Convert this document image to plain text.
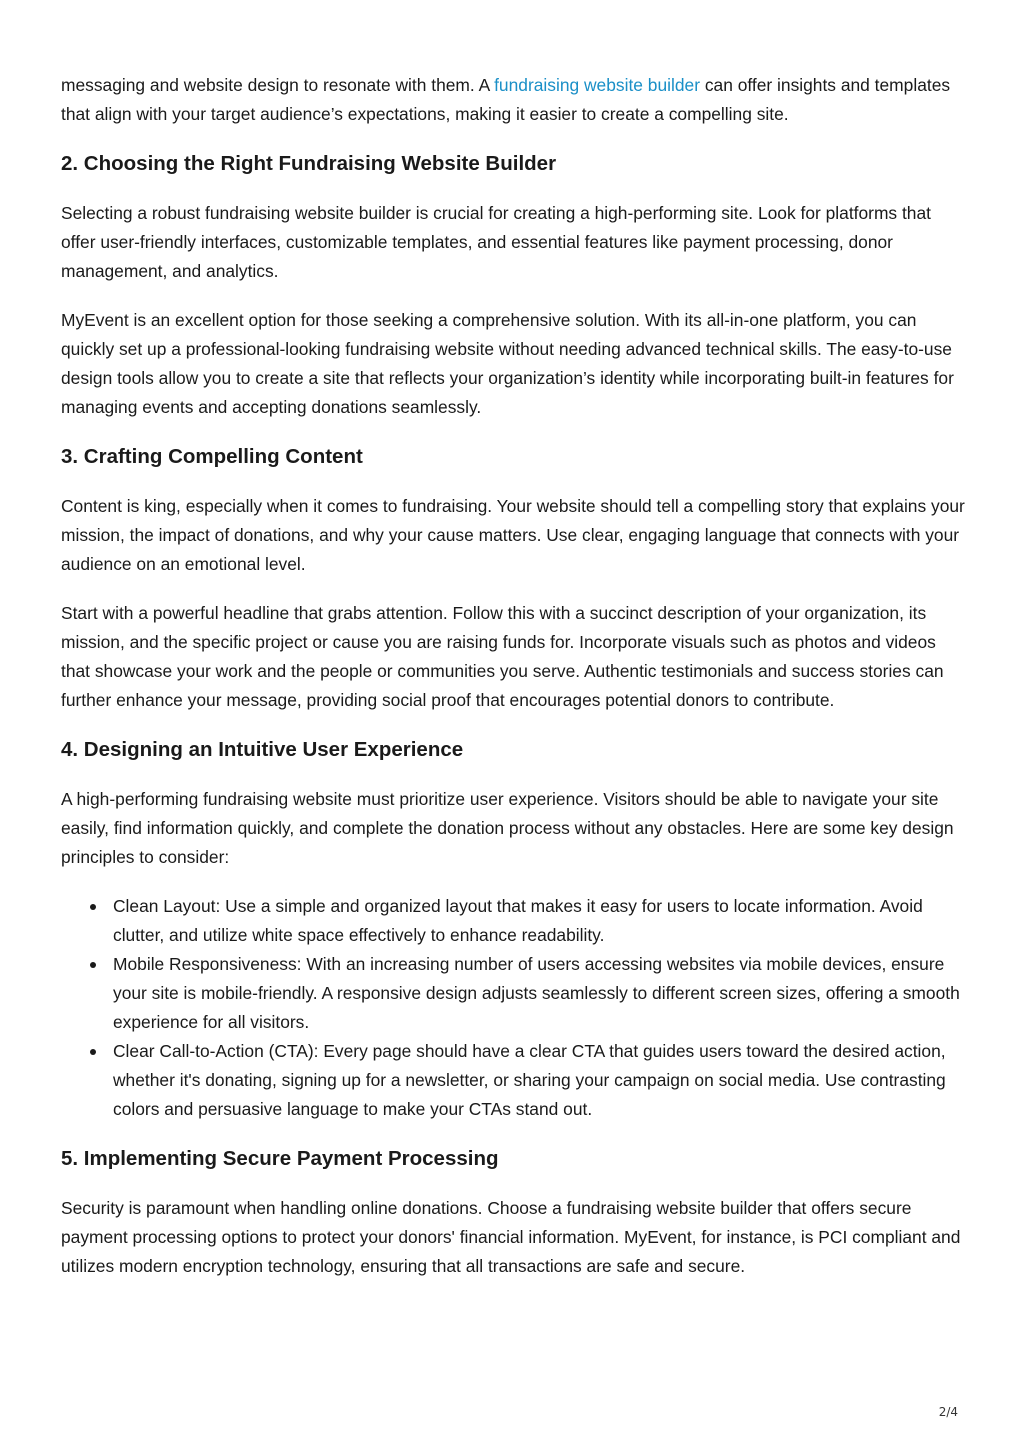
messaging and website design to resonate with them. A fundraising website builder can offer insights and templates that align with your target audience’s expectations, making it easier to create a compelling site.

2. Choosing the Right Fundraising Website Builder

Selecting a robust fundraising website builder is crucial for creating a high-performing site. Look for platforms that offer user-friendly interfaces, customizable templates, and essential features like payment processing, donor management, and analytics.

MyEvent is an excellent option for those seeking a comprehensive solution. With its all-in-one platform, you can quickly set up a professional-looking fundraising website without needing advanced technical skills. The easy-to-use design tools allow you to create a site that reflects your organization’s identity while incorporating built-in features for managing events and accepting donations seamlessly.

3. Crafting Compelling Content

Content is king, especially when it comes to fundraising. Your website should tell a compelling story that explains your mission, the impact of donations, and why your cause matters. Use clear, engaging language that connects with your audience on an emotional level.

Start with a powerful headline that grabs attention. Follow this with a succinct description of your organization, its mission, and the specific project or cause you are raising funds for. Incorporate visuals such as photos and videos that showcase your work and the people or communities you serve. Authentic testimonials and success stories can further enhance your message, providing social proof that encourages potential donors to contribute.

4. Designing an Intuitive User Experience

A high-performing fundraising website must prioritize user experience. Visitors should be able to navigate your site easily, find information quickly, and complete the donation process without any obstacles. Here are some key design principles to consider:

Clean Layout: Use a simple and organized layout that makes it easy for users to locate information. Avoid clutter, and utilize white space effectively to enhance readability.
Mobile Responsiveness: With an increasing number of users accessing websites via mobile devices, ensure your site is mobile-friendly. A responsive design adjusts seamlessly to different screen sizes, offering a smooth experience for all visitors.
Clear Call-to-Action (CTA): Every page should have a clear CTA that guides users toward the desired action, whether it's donating, signing up for a newsletter, or sharing your campaign on social media. Use contrasting colors and persuasive language to make your CTAs stand out.
5. Implementing Secure Payment Processing

Security is paramount when handling online donations. Choose a fundraising website builder that offers secure payment processing options to protect your donors' financial information. MyEvent, for instance, is PCI compliant and utilizes modern encryption technology, ensuring that all transactions are safe and secure.

2/4
